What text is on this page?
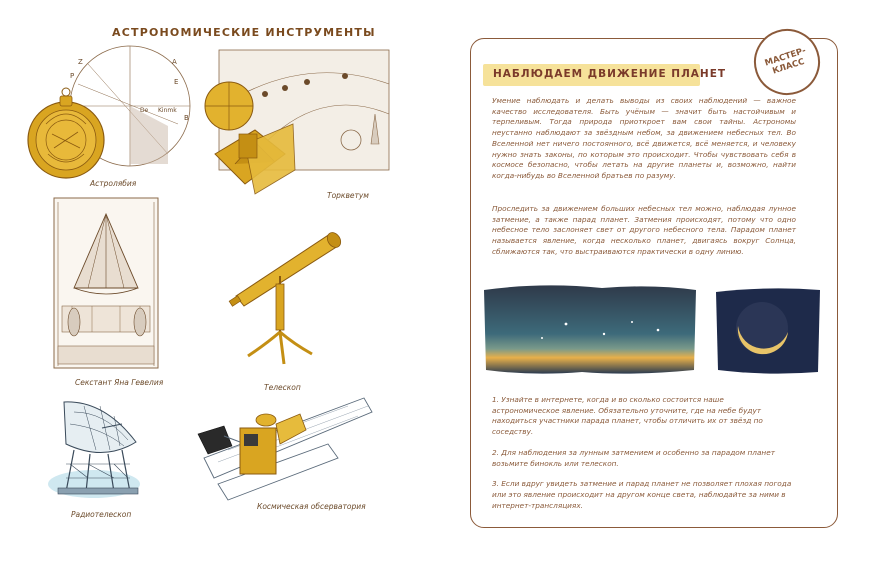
АСТРОНОМИЧЕСКИЕ ИНСТРУМЕНТЫ
P
Z	A
E
B
De Kinmk
Астролябия
Торкветум
Секстант Яна Гевелия
Телескоп
Радиотелескоп
Космическая обсерватория
МАСТЕР-КЛАСС
НАБЛЮДАЕМ ДВИЖЕНИЕ ПЛАНЕТ
Умение наблюдать и делать выводы из своих наблюдений — важное качество исследователя. Быть учёным — значит быть настойчивым и терпеливым. Тогда природа приоткроет вам свои тайны. Астрономы неустанно наблюдают за звёздным небом, за движением небесных тел. Во Вселенной нет ничего постоянного, всё движется, всё меняется, и человеку нужно знать законы, по которым это происходит. Чтобы чувствовать себя в космосе безопасно, чтобы летать на другие планеты и, возможно, найти когда-нибудь во Вселенной братьев по разуму.
Проследить за движением больших небесных тел можно, наблюдая лунное затмение, а также парад планет. Затмения происходят, потому что одно небесное тело заслоняет свет от другого небесного тела. Парадом планет называется явление, когда несколько планет, двигаясь вокруг Солнца, сближаются так, что выстраиваются практически в одну линию.
1. Узнайте в интернете, когда и во сколько состоится наше астрономическое явление. Обязательно уточните, где на небе будут находиться участники парада планет, чтобы отличить их от звёзд по соседству.
2. Для наблюдения за лунным затмением и особенно за парадом планет возьмите бинокль или телескоп.
3. Если вдруг увидеть затмение и парад планет не позволяет плохая погода или это явление происходит на другом конце света, наблюдайте за ними в интернет-трансляциях.
